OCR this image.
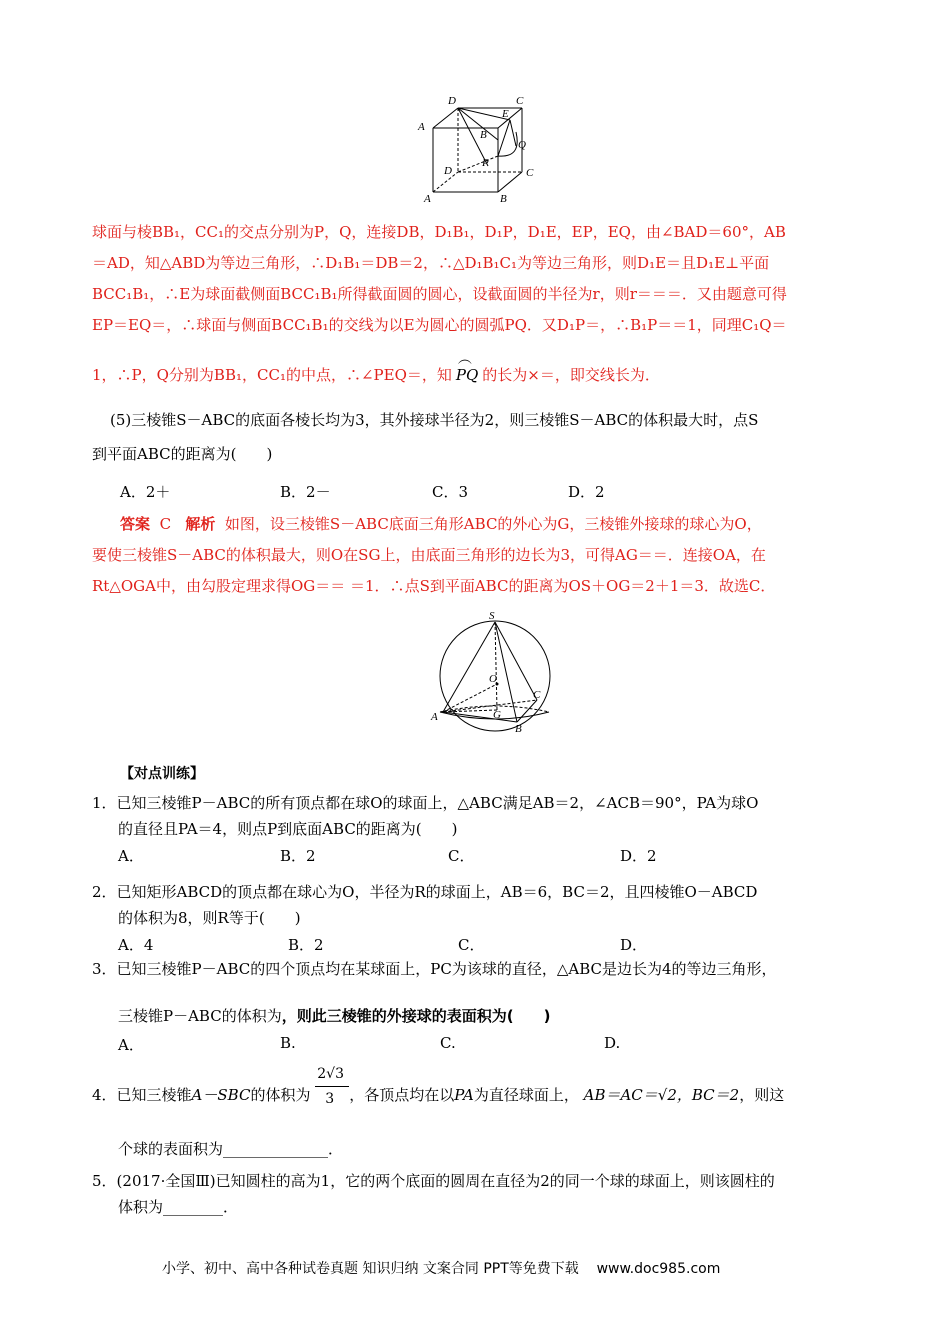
D	C
E
A
B
Q
P
D	C
A	B
球面与棱BB₁，CC₁的交点分别为P，Q，连接DB，D₁B₁，D₁P，D₁E，EP，EQ，由∠BAD＝60°，AB
＝AD，知△ABD为等边三角形，∴D₁B₁＝DB＝2，∴△D₁B₁C₁为等边三角形，则D₁E＝且D₁E⊥平面
BCC₁B₁，∴E为球面截侧面BCC₁B₁所得截面圆的圆心，设截面圆的半径为r，则r＝＝＝．又由题意可得
EP＝EQ＝，∴球面与侧面BCC₁B₁的交线为以E为圆心的圆弧PQ．又D₁P＝，∴B₁P＝＝1，同理C₁Q＝
1，∴P，Q分别为BB₁，CC₁的中点，∴∠PEQ＝，知
︵
PQ 的长为×＝，即交线长为．
(5)三棱锥S－ABC的底面各棱长均为3，其外接球半径为2，则三棱锥S－ABC的体积最大时，点S
到平面ABC的距离为(　　)
A．2＋	B．2－	C．3	D．2
答案 C 解析 如图，设三棱锥S－ABC底面三角形ABC的外心为G，三棱锥外接球的球心为O，
要使三棱锥S－ABC的体积最大，则O在SG上，由底面三角形的边长为3，可得AG＝＝．连接OA，在
Rt△OGA中，由勾股定理求得OG＝＝ ＝1．∴点S到平面ABC的距离为OS＋OG＝2＋1＝3．故选C．
S
O
A
B
C
G
【对点训练】
1．已知三棱锥P－ABC的所有顶点都在球O的球面上，△ABC满足AB＝2，∠ACB＝90°，PA为球O
的直径且PA＝4，则点P到底面ABC的距离为(　　)
A．	B．2	C．	D．2
2．已知矩形ABCD的顶点都在球心为O，半径为R的球面上，AB＝6，BC＝2，且四棱锥O－ABCD
的体积为8，则R等于(　　)
A．4	B．2	C．	D．
3．已知三棱锥P－ABC的四个顶点均在某球面上，PC为该球的直径，△ABC是边长为4的等边三角形，
三棱锥P－ABC的体积为，则此三棱锥的外接球的表面积为(　　)
A．	B.	C.	D.
4．已知三棱锥A－SBC的体积为 $\frac{2√3}{3}$ ，各顶点均在以PA为直径球面上， AB＝AC＝√2，BC＝2，则这
个球的表面积为______________．
5．(2017·全国Ⅲ)已知圆柱的高为1，它的两个底面的圆周在直径为2的同一个球的球面上，则该圆柱的
体积为________．
小学、初中、高中各种试卷真题 知识归纳 文案合同 PPT等免费下载 www.doc985.com
